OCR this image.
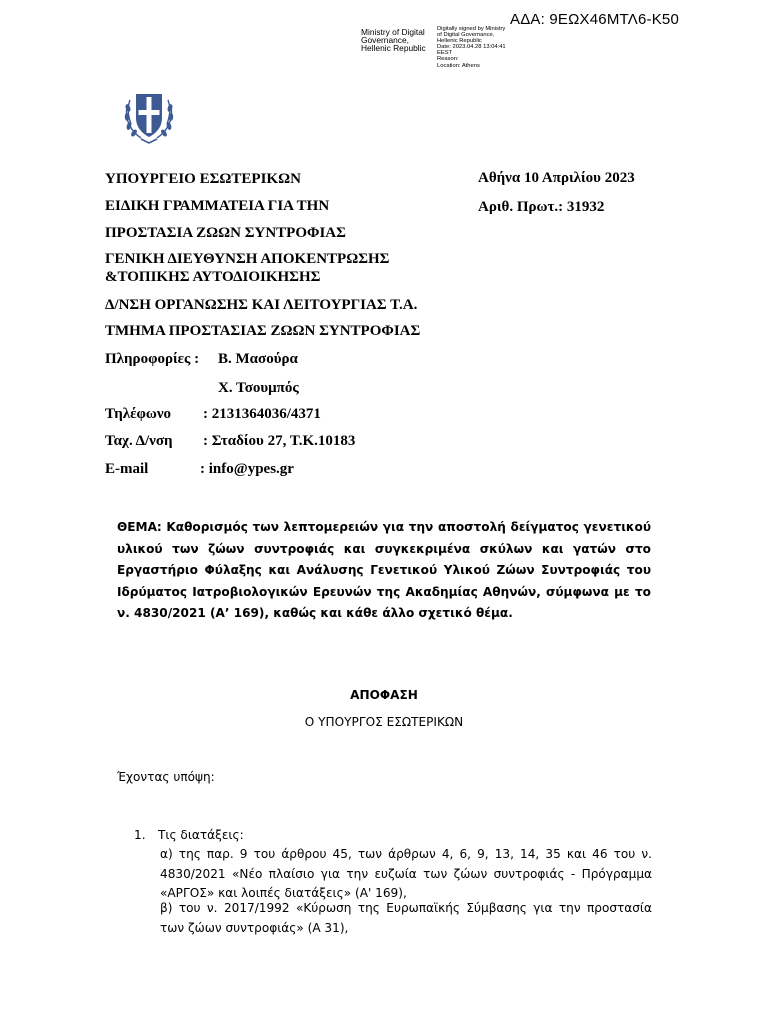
ΑΔΑ: 9ΕΩΧ46ΜΤΛ6-Κ50
Ministry of Digital
Governance,
Hellenic Republic
Digitally signed by Ministry
of Digital Governance,
Hellenic Republic
Date: 2023.04.28 13:04:41
EEST
Reason:
Location: Athens
ΥΠΟΥΡΓΕΙΟ ΕΣΩΤΕΡΙΚΩΝ
ΕΙΔΙΚΗ ΓΡΑΜΜΑΤΕΙΑ ΓΙΑ ΤΗΝ
ΠΡΟΣΤΑΣΙΑ ΖΩΩΝ ΣΥΝΤΡΟΦΙΑΣ
ΓΕΝΙΚΗ ΔΙΕΥΘΥΝΣΗ ΑΠΟΚΕΝΤΡΩΣΗΣ
&ΤΟΠΙΚΗΣ ΑΥΤΟΔΙΟΙΚΗΣΗΣ
Δ/ΝΣΗ ΟΡΓΑΝΩΣΗΣ ΚΑΙ ΛΕΙΤΟΥΡΓΙΑΣ Τ.Α.
ΤΜΗΜΑ ΠΡΟΣΤΑΣΙΑΣ ΖΩΩΝ ΣΥΝΤΡΟΦΙΑΣ
Πληροφορίες : Β. Μασούρα
Χ. Τσουμπός
Τηλέφωνο : 2131364036/4371
Ταχ. Δ/νση : Σταδίου 27, Τ.Κ.10183
E-mail	: info@ypes.gr
Αθήνα 10 Απριλίου 2023
Αριθ. Πρωτ.: 31932
ΘΕΜΑ: Καθορισμός των λεπτομερειών για την αποστολή δείγματος γενετικού υλικού των ζώων συντροφιάς και συγκεκριμένα σκύλων και γατών στο Εργαστήριο Φύλαξης και Ανάλυσης Γενετικού Υλικού Ζώων Συντροφιάς του Ιδρύματος Ιατροβιολογικών Ερευνών της Ακαδημίας Αθηνών, σύμφωνα με το ν. 4830/2021 (Α’ 169), καθώς και κάθε άλλο σχετικό θέμα.
ΑΠΟΦΑΣΗ
Ο ΥΠΟΥΡΓΟΣ ΕΣΩΤΕΡΙΚΩΝ
Έχοντας υπόψη:
1. Τις διατάξεις:
α) της παρ. 9 του άρθρου 45, των άρθρων 4, 6, 9, 13, 14, 35 και 46 του ν. 4830/2021 «Νέο πλαίσιο για την ευζωία των ζώων συντροφιάς - Πρόγραμμα «ΑΡΓΟΣ» και λοιπές διατάξεις» (Α' 169),
β) του ν. 2017/1992 «Κύρωση της Ευρωπαϊκής Σύμβασης για την προστασία των ζώων συντροφιάς» (Α 31),
